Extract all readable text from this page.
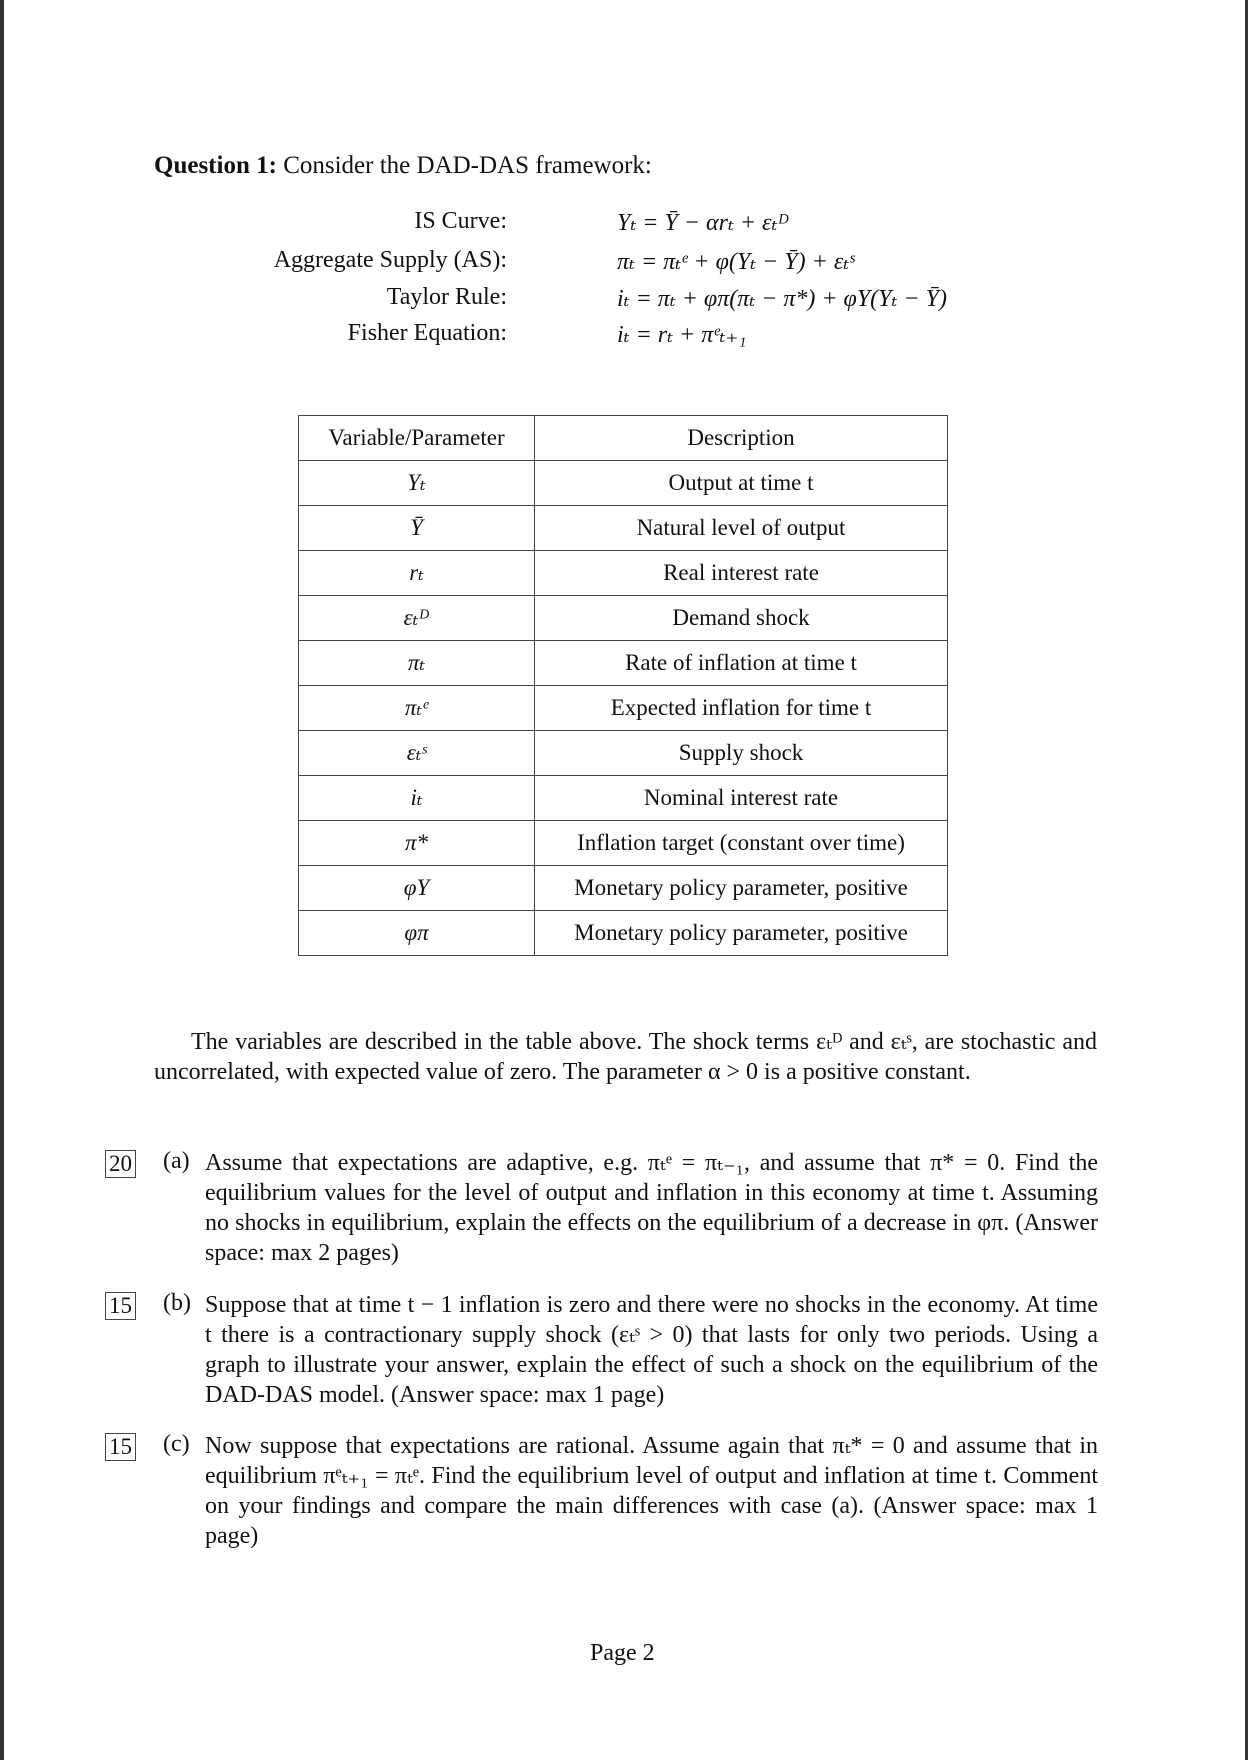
Question 1: Consider the DAD-DAS framework:
IS Curve:	Yₜ = Ȳ − αrₜ + εₜᴰ
Aggregate Supply (AS):	πₜ = πₜᵉ + φ(Yₜ − Ȳ) + εₜˢ
Taylor Rule:	iₜ = πₜ + φπ(πₜ − π*) + φY(Yₜ − Ȳ)
Fisher Equation:	iₜ = rₜ + πᵉₜ₊₁
Variable/Parameter	Description
Yₜ	Output at time t
Ȳ	Natural level of output
rₜ	Real interest rate
εₜᴰ	Demand shock
πₜ	Rate of inflation at time t
πₜᵉ	Expected inflation for time t
εₜˢ	Supply shock
iₜ	Nominal interest rate
π*	Inflation target (constant over time)
φY	Monetary policy parameter, positive
φπ	Monetary policy parameter, positive
The variables are described in the table above. The shock terms εₜᴰ and εₜˢ, are stochastic and uncorrelated, with expected value of zero. The parameter α > 0 is a positive constant.
20 (a) Assume that expectations are adaptive, e.g. πₜᵉ = πₜ₋₁, and assume that π* = 0. Find the equilibrium values for the level of output and inflation in this economy at time t. Assuming no shocks in equilibrium, explain the effects on the equilibrium of a decrease in φπ. (Answer space: max 2 pages)
15 (b) Suppose that at time t − 1 inflation is zero and there were no shocks in the economy. At time t there is a contractionary supply shock (εₜˢ > 0) that lasts for only two periods. Using a graph to illustrate your answer, explain the effect of such a shock on the equilibrium of the DAD-DAS model. (Answer space: max 1 page)
15 (c) Now suppose that expectations are rational. Assume again that πₜ* = 0 and assume that in equilibrium πᵉₜ₊₁ = πₜᵉ. Find the equilibrium level of output and inflation at time t. Comment on your findings and compare the main differences with case (a). (Answer space: max 1 page)
Page 2
